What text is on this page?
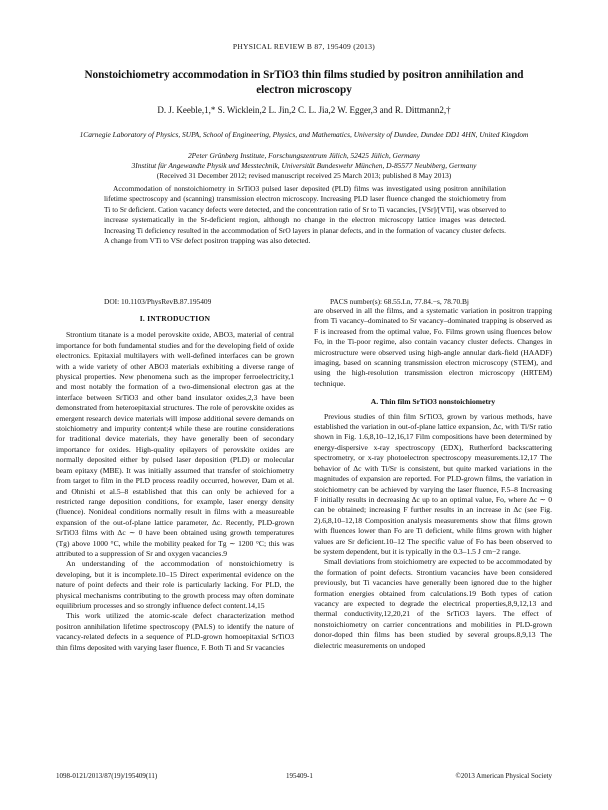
PHYSICAL REVIEW B 87, 195409 (2013)
Nonstoichiometry accommodation in SrTiO3 thin films studied by positron annihilation and electron microscopy
D. J. Keeble,1,* S. Wicklein,2 L. Jin,2 C. L. Jia,2 W. Egger,3 and R. Dittmann2,†
1Carnegie Laboratory of Physics, SUPA, School of Engineering, Physics, and Mathematics, University of Dundee, Dundee DD1 4HN, United Kingdom
2Peter Grünberg Institute, Forschungszentrum Jülich, 52425 Jülich, Germany
3Institut für Angewandte Physik und Messtechnik, Universität Bundeswehr München, D-85577 Neubiberg, Germany
(Received 31 December 2012; revised manuscript received 25 March 2013; published 8 May 2013)
Accommodation of nonstoichiometry in SrTiO3 pulsed laser deposited (PLD) films was investigated using positron annihilation lifetime spectroscopy and (scanning) transmission electron microscopy. Increasing PLD laser fluence changed the stoichiometry from Ti to Sr deficient. Cation vacancy defects were detected, and the concentration ratio of Sr to Ti vacancies, [VSr]/[VTi], was observed to increase systematically in the Sr-deficient region, although no change in the electron microscopy lattice images was detected. Increasing Ti deficiency resulted in the accommodation of SrO layers in planar defects, and in the formation of vacancy cluster defects. A change from VTi to VSr defect positron trapping was also detected.
DOI: 10.1103/PhysRevB.87.195409	PACS number(s): 68.55.Ln, 77.84.−s, 78.70.Bj
I. INTRODUCTION

Strontium titanate is a model perovskite oxide, ABO3, material of central importance for both fundamental studies and for the developing field of oxide electronics. Epitaxial multilayers with well-defined interfaces can be grown with a wide variety of other ABO3 materials exhibiting a diverse range of physical properties. New phenomena such as the improper ferroelectricity,1 and most notably the formation of a two-dimensional electron gas at the interface between SrTiO3 and other band insulator oxides,2,3 have been demonstrated from heteroepitaxial structures. The role of perovskite oxides as emergent research device materials will impose additional severe demands on stoichiometry and impurity content;4 while these are routine considerations for traditional device materials, they have generally been of secondary importance for oxides. High-quality epilayers of perovskite oxides are normally deposited either by pulsed laser deposition (PLD) or molecular beam epitaxy (MBE). It was initially assumed that transfer of stoichiometry from target to film in the PLD process readily occurred, however, Dam et al. and Ohnishi et al.5–8 established that this can only be achieved for a restricted range deposition conditions, for example, laser energy density (fluence). Nonideal conditions normally result in films with a measureable expansion of the out-of-plane lattice parameter, Δc. Recently, PLD-grown SrTiO3 films with Δc ∼ 0 have been obtained using growth temperatures (Tg) above 1000 °C, while the mobility peaked for Tg ∼ 1200 °C; this was attributed to a suppression of Sr and oxygen vacancies.9

An understanding of the accommodation of nonstoichiometry is developing, but it is incomplete.10–15 Direct experimental evidence on the nature of point defects and their role is particularly lacking. For PLD, the physical mechanisms contributing to the growth process may often dominate equilibrium processes and so strongly influence defect content.14,15

This work utilized the atomic-scale defect characterization method positron annihilation lifetime spectroscopy (PALS) to identify the nature of vacancy-related defects in a sequence of PLD-grown homoepitaxial SrTiO3 thin films deposited with varying laser fluence, F. Both Ti and Sr vacancies

are observed in all the films, and a systematic variation in positron trapping from Ti vacancy–dominated to Sr vacancy–dominated trapping is observed as F is increased from the optimal value, Fo. Films grown using fluences below Fo, in the Ti-poor regime, also contain vacancy cluster defects. Changes in microstructure were observed using high-angle annular dark-field (HAADF) imaging, based on scanning transmission electron microscopy (STEM), and using the high-resolution transmission electron microscopy (HRTEM) technique.

A. Thin film SrTiO3 nonstoichiometry

Previous studies of thin film SrTiO3, grown by various methods, have established the variation in out-of-plane lattice expansion, Δc, with Ti/Sr ratio shown in Fig. 1.6,8,10–12,16,17 Film compositions have been determined by energy-dispersive x-ray spectroscopy (EDX), Rutherford backscattering spectrometry, or x-ray photoelectron spectroscopy measurements.12,17 The behavior of Δc with Ti/Sr is consistent, but quite marked variations in the magnitudes of expansion are reported. For PLD-grown films, the variation in stoichiometry can be achieved by varying the laser fluence, F.5–8 Increasing F initially results in decreasing Δc up to an optimal value, Fo, where Δc ∼ 0 can be obtained; increasing F further results in an increase in Δc (see Fig. 2).6,8,10–12,18 Composition analysis measurements show that films grown with fluences lower than Fo are Ti deficient, while films grown with higher values are Sr deficient.10–12 The specific value of Fo has been observed to be system dependent, but it is typically in the 0.3–1.5 J cm−2 range.

Small deviations from stoichiometry are expected to be accommodated by the formation of point defects. Strontium vacancies have been considered previously, but Ti vacancies have generally been ignored due to the higher formation energies obtained from calculations.19 Both types of cation vacancy are expected to degrade the electrical properties,8,9,12,13 and thermal conductivity,12,20,21 of the SrTiO3 layers. The effect of nonstoichiometry on carrier concentrations and mobilities in PLD-grown donor-doped thin films has been studied by several groups.8,9,13 The dielectric measurements on undoped

1098-0121/2013/87(19)/195409(11)	195409-1	©2013 American Physical Society
